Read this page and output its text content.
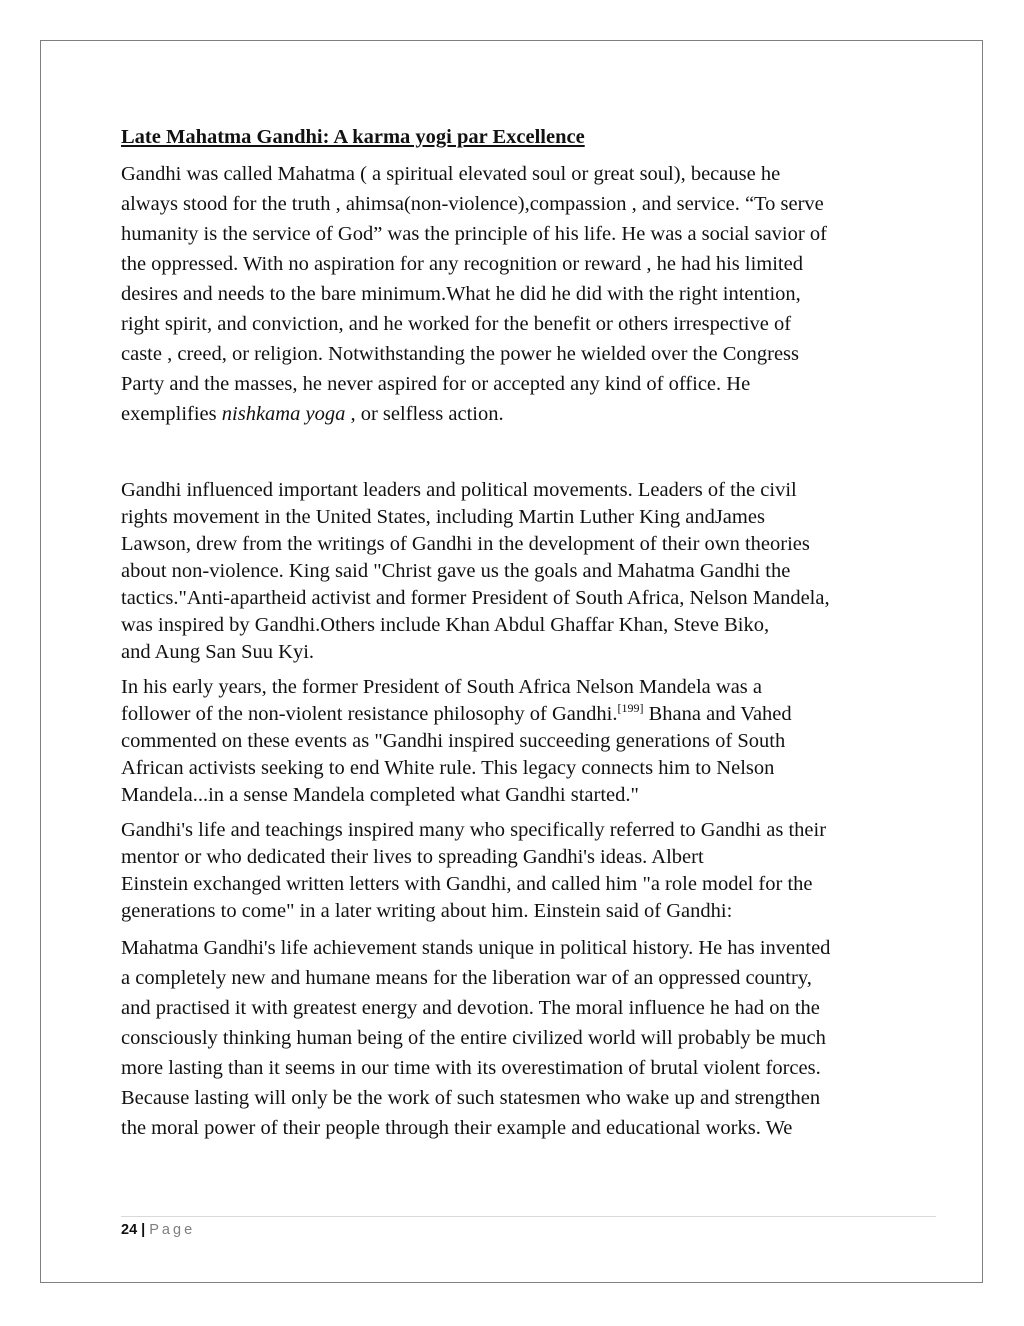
Late Mahatma Gandhi: A karma yogi par Excellence
Gandhi was called Mahatma ( a spiritual elevated soul or great soul), because he
always stood for the truth , ahimsa(non-violence),compassion , and service. “To serve
humanity is the service of God” was the principle of his life. He was a social savior of
the oppressed. With no aspiration for any recognition or reward , he had his limited
desires and needs to the bare minimum.What he did he did with the right intention,
right spirit, and conviction, and he worked for the benefit or others irrespective of
caste , creed, or religion. Notwithstanding the power he wielded over the Congress
Party and the masses, he never aspired for or accepted any kind of office. He
exemplifies nishkama yoga , or selfless action.
Gandhi influenced important leaders and political movements. Leaders of the civil
rights movement in the United States, including Martin Luther King andJames
Lawson, drew from the writings of Gandhi in the development of their own theories
about non-violence. King said "Christ gave us the goals and Mahatma Gandhi the
tactics."Anti-apartheid activist and former President of South Africa, Nelson Mandela,
was inspired by Gandhi.Others include Khan Abdul Ghaffar Khan, Steve Biko,
and Aung San Suu Kyi.
In his early years, the former President of South Africa Nelson Mandela was a
follower of the non-violent resistance philosophy of Gandhi.[199] Bhana and Vahed
commented on these events as "Gandhi inspired succeeding generations of South
African activists seeking to end White rule. This legacy connects him to Nelson
Mandela...in a sense Mandela completed what Gandhi started."
Gandhi's life and teachings inspired many who specifically referred to Gandhi as their
mentor or who dedicated their lives to spreading Gandhi's ideas. Albert
Einstein exchanged written letters with Gandhi, and called him "a role model for the
generations to come" in a later writing about him. Einstein said of Gandhi:
Mahatma Gandhi's life achievement stands unique in political history. He has invented
a completely new and humane means for the liberation war of an oppressed country,
and practised it with greatest energy and devotion. The moral influence he had on the
consciously thinking human being of the entire civilized world will probably be much
more lasting than it seems in our time with its overestimation of brutal violent forces.
Because lasting will only be the work of such statesmen who wake up and strengthen
the moral power of their people through their example and educational works. We
24 | Page
